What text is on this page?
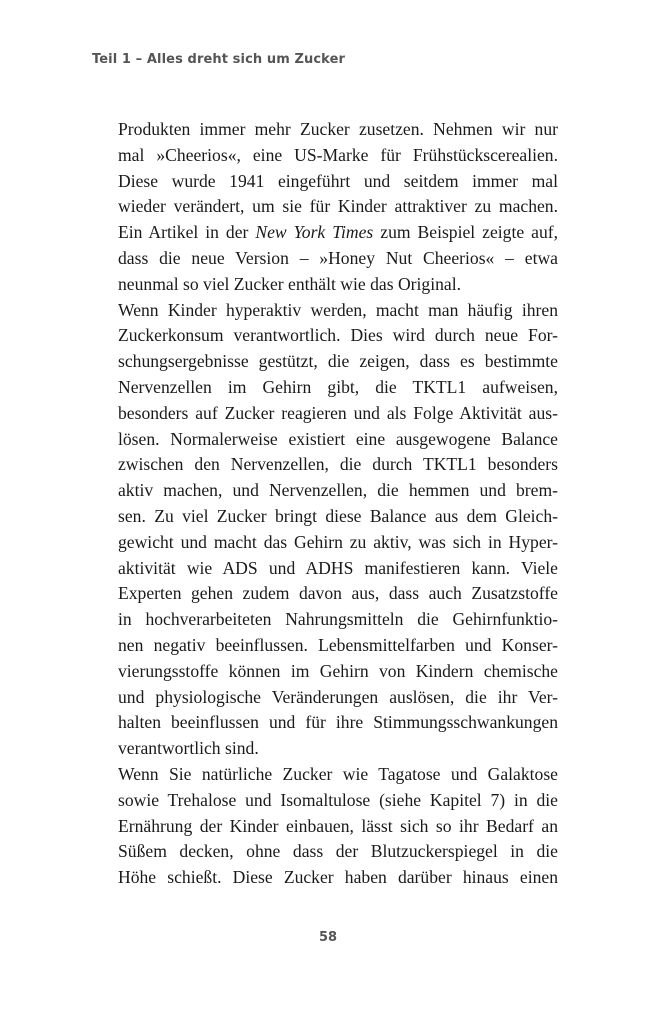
Teil 1 – Alles dreht sich um Zucker
Produkten immer mehr Zucker zusetzen. Nehmen wir nur
mal »Cheerios«, eine US-Marke für Frühstückscerealien.
Diese wurde 1941 eingeführt und seitdem immer mal
wieder verändert, um sie für Kinder attraktiver zu machen.
Ein Artikel in der New York Times zum Beispiel zeigte auf,
dass die neue Version – »Honey Nut Cheerios« – etwa
neunmal so viel Zucker enthält wie das Original.
Wenn Kinder hyperaktiv werden, macht man häufig ihren
Zuckerkonsum verantwortlich. Dies wird durch neue For-
schungsergebnisse gestützt, die zeigen, dass es bestimmte
Nervenzellen im Gehirn gibt, die TKTL1 aufweisen,
besonders auf Zucker reagieren und als Folge Aktivität aus-
lösen. Normalerweise existiert eine ausgewogene Balance
zwischen den Nervenzellen, die durch TKTL1 besonders
aktiv machen, und Nervenzellen, die hemmen und brem-
sen. Zu viel Zucker bringt diese Balance aus dem Gleich-
gewicht und macht das Gehirn zu aktiv, was sich in Hyper-
aktivität wie ADS und ADHS manifestieren kann. Viele
Experten gehen zudem davon aus, dass auch Zusatzstoffe
in hochverarbeiteten Nahrungsmitteln die Gehirnfunktio-
nen negativ beeinflussen. Lebensmittelfarben und Konser-
vierungsstoffe können im Gehirn von Kindern chemische
und physiologische Veränderungen auslösen, die ihr Ver-
halten beeinflussen und für ihre Stimmungsschwankungen
verantwortlich sind.
Wenn Sie natürliche Zucker wie Tagatose und Galaktose
sowie Trehalose und Isomaltulose (siehe Kapitel 7) in die
Ernährung der Kinder einbauen, lässt sich so ihr Bedarf an
Süßem decken, ohne dass der Blutzuckerspiegel in die
Höhe schießt. Diese Zucker haben darüber hinaus einen
58
